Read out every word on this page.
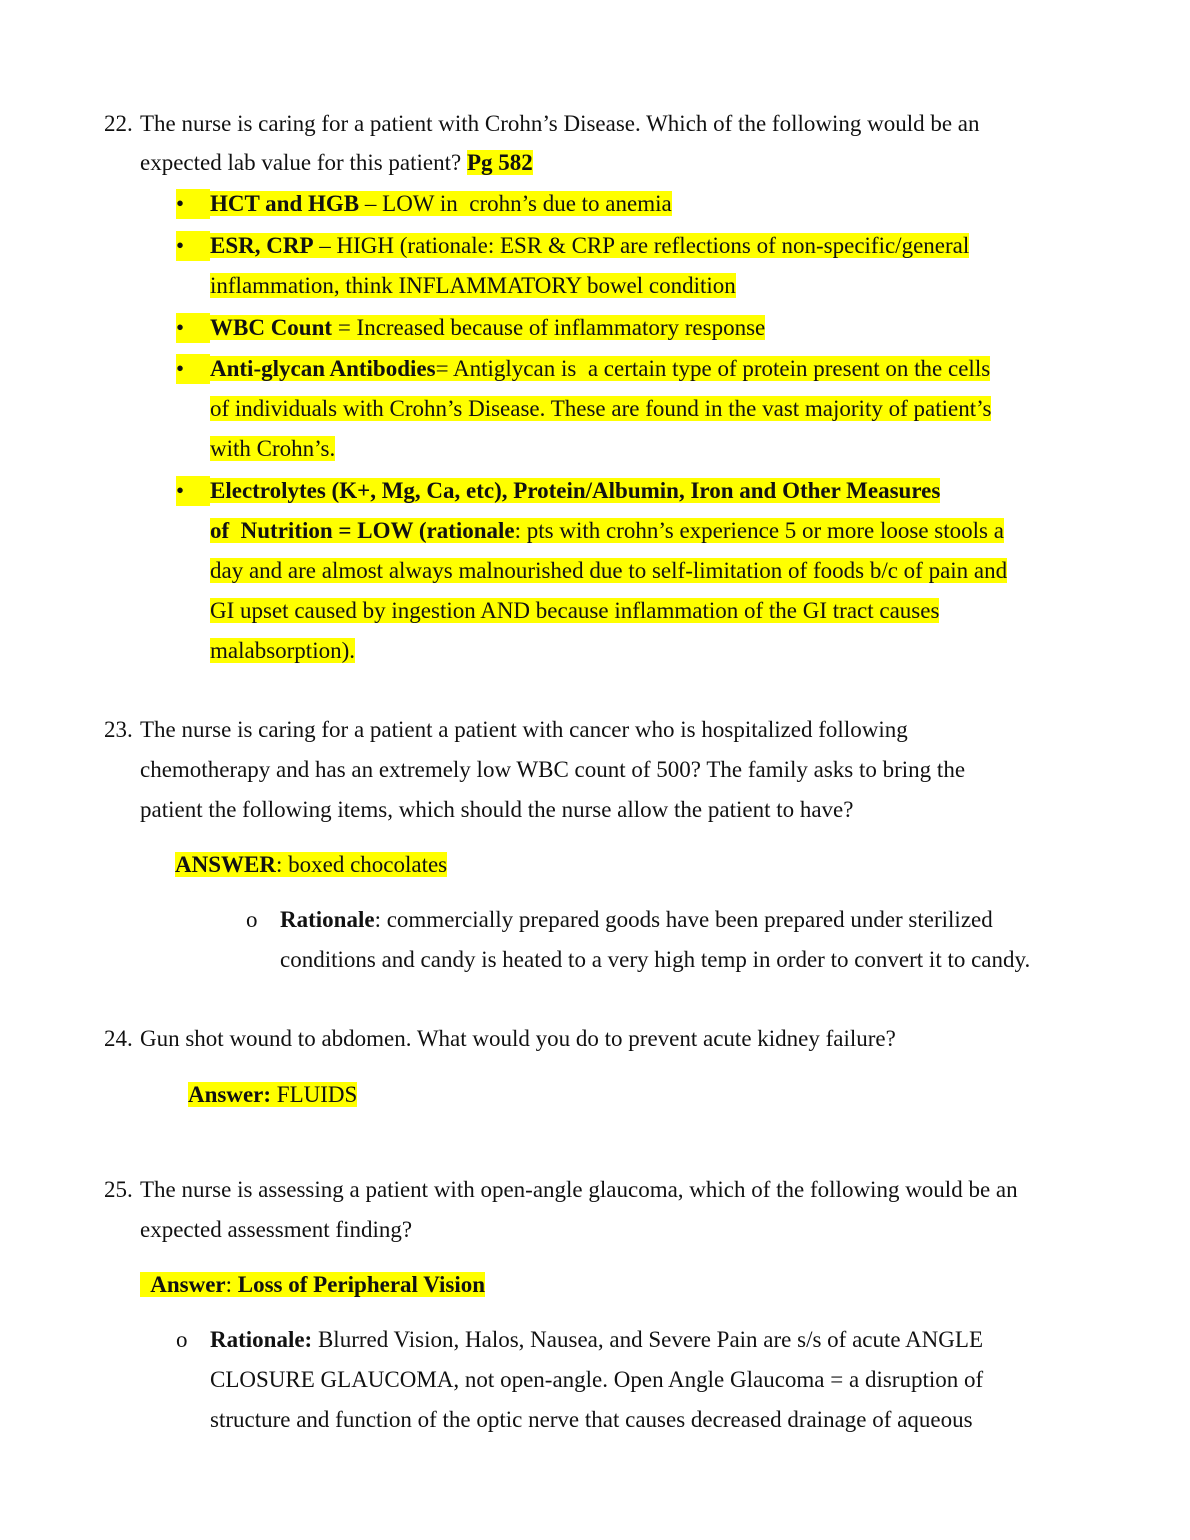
22. The nurse is caring for a patient with Crohn’s Disease. Which of the following would be an
expected lab value for this patient? Pg 582
•	HCT and HGB – LOW in  crohn’s due to anemia
•	ESR, CRP – HIGH (rationale: ESR & CRP are reflections of non-specific/general
inflammation, think INFLAMMATORY bowel condition
•	WBC Count = Increased because of inflammatory response
•	Anti-glycan Antibodies= Antiglycan is  a certain type of protein present on the cells
of individuals with Crohn’s Disease. These are found in the vast majority of patient’s
with Crohn’s.
•	Electrolytes (K+, Mg, Ca, etc), Protein/Albumin, Iron and Other Measures
of  Nutrition = LOW (rationale: pts with crohn’s experience 5 or more loose stools a
day and are almost always malnourished due to self-limitation of foods b/c of pain and
GI upset caused by ingestion AND because inflammation of the GI tract causes
malabsorption).
23. The nurse is caring for a patient a patient with cancer who is hospitalized following
chemotherapy and has an extremely low WBC count of 500? The family asks to bring the
patient the following items, which should the nurse allow the patient to have?
ANSWER: boxed chocolates
o Rationale: commercially prepared goods have been prepared under sterilized
conditions and candy is heated to a very high temp in order to convert it to candy.
24. Gun shot wound to abdomen. What would you do to prevent acute kidney failure?
Answer: FLUIDS
25. The nurse is assessing a patient with open-angle glaucoma, which of the following would be an
expected assessment finding?
Answer: Loss of Peripheral Vision
o Rationale: Blurred Vision, Halos, Nausea, and Severe Pain are s/s of acute ANGLE
CLOSURE GLAUCOMA, not open-angle. Open Angle Glaucoma = a disruption of
structure and function of the optic nerve that causes decreased drainage of aqueous
